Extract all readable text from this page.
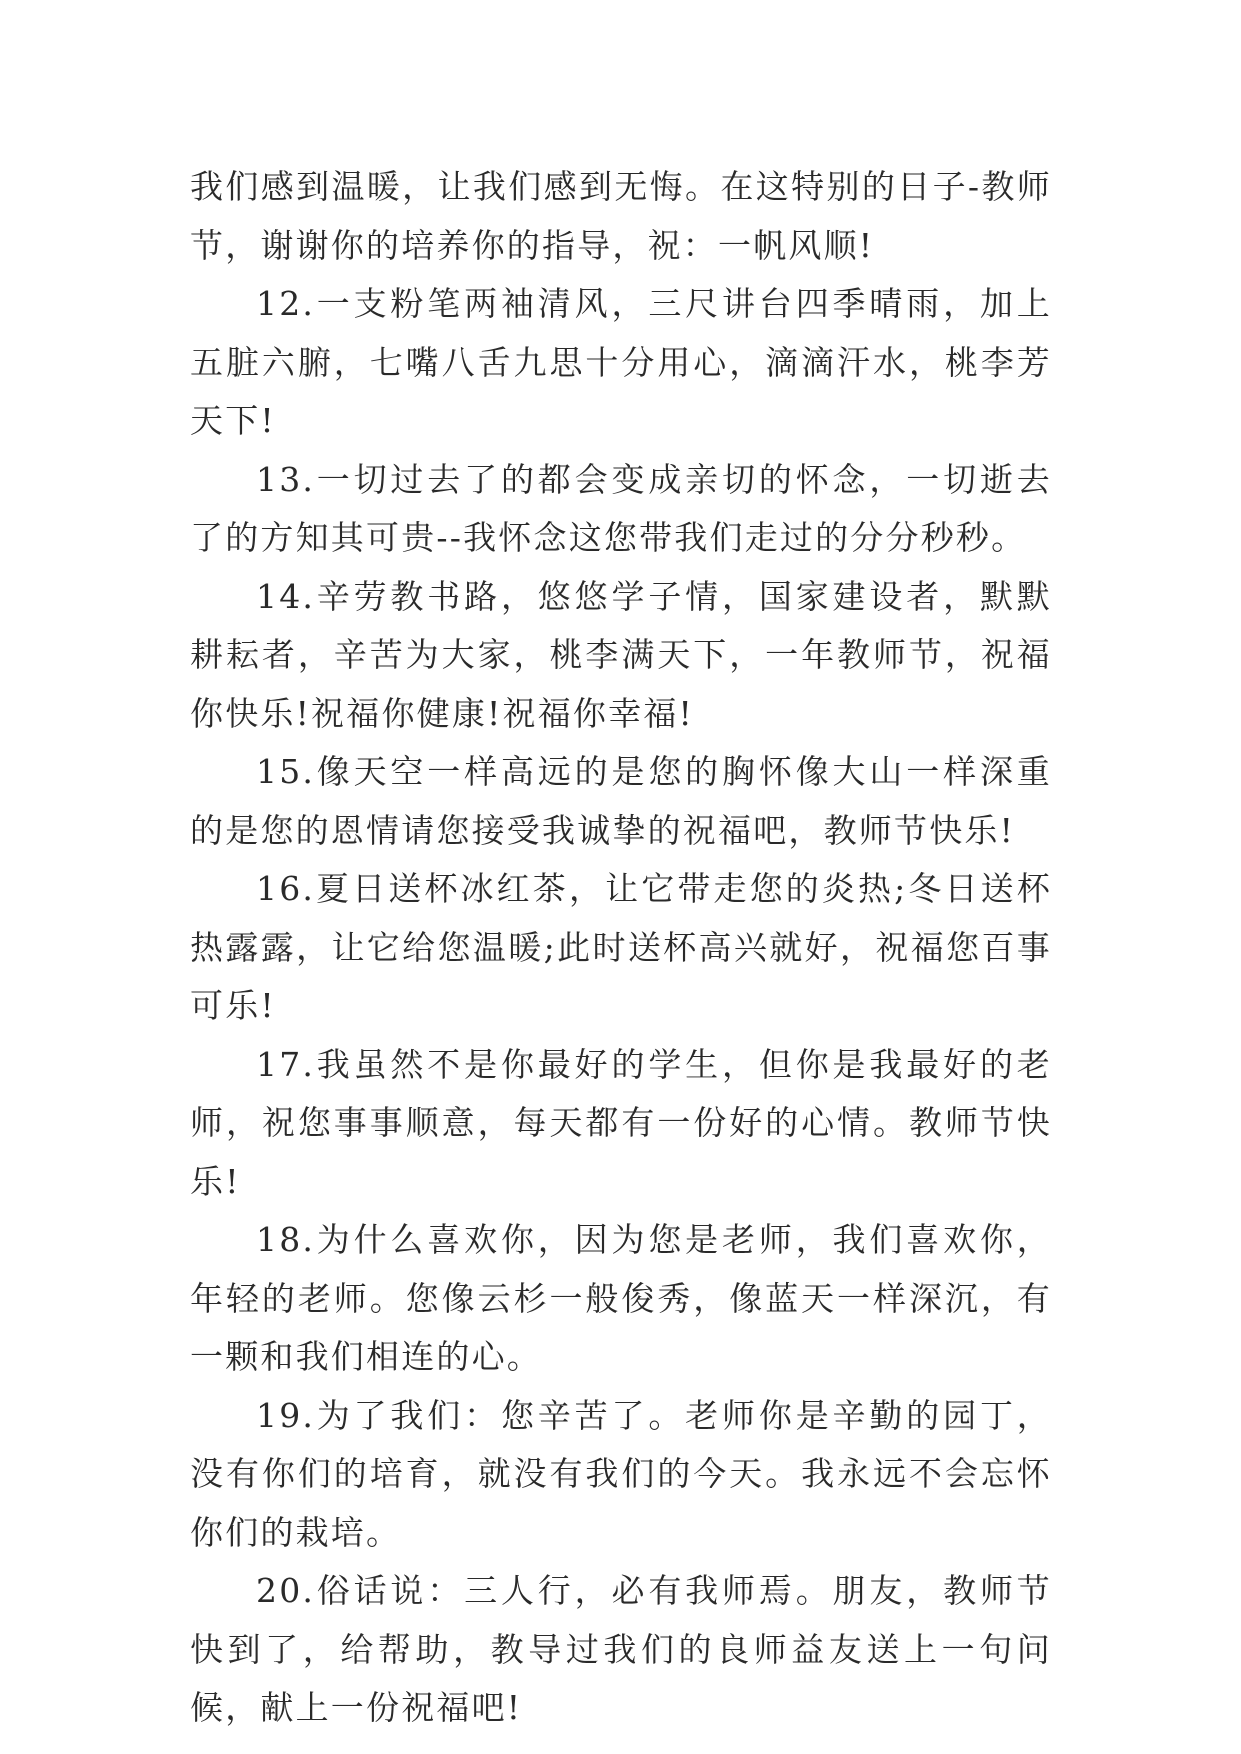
我们感到温暖，让我们感到无悔。在这特别的日子-教师节，谢谢你的培养你的指导，祝：一帆风顺!

12.一支粉笔两袖清风，三尺讲台四季晴雨，加上五脏六腑，七嘴八舌九思十分用心，滴滴汗水，桃李芳天下!

13.一切过去了的都会变成亲切的怀念，一切逝去了的方知其可贵--我怀念这您带我们走过的分分秒秒。

14.辛劳教书路，悠悠学子情，国家建设者，默默耕耘者，辛苦为大家，桃李满天下，一年教师节，祝福你快乐!祝福你健康!祝福你幸福!

15.像天空一样高远的是您的胸怀像大山一样深重的是您的恩情请您接受我诚挚的祝福吧，教师节快乐!

16.夏日送杯冰红茶，让它带走您的炎热;冬日送杯热露露，让它给您温暖;此时送杯高兴就好，祝福您百事可乐!

17.我虽然不是你最好的学生，但你是我最好的老师，祝您事事顺意，每天都有一份好的心情。教师节快乐!

18.为什么喜欢你，因为您是老师，我们喜欢你，年轻的老师。您像云杉一般俊秀，像蓝天一样深沉，有一颗和我们相连的心。

19.为了我们：您辛苦了。老师你是辛勤的园丁，没有你们的培育，就没有我们的今天。我永远不会忘怀你们的栽培。

20.俗话说：三人行，必有我师焉。朋友，教师节快到了，给帮助，教导过我们的良师益友送上一句问候，献上一份祝福吧!
